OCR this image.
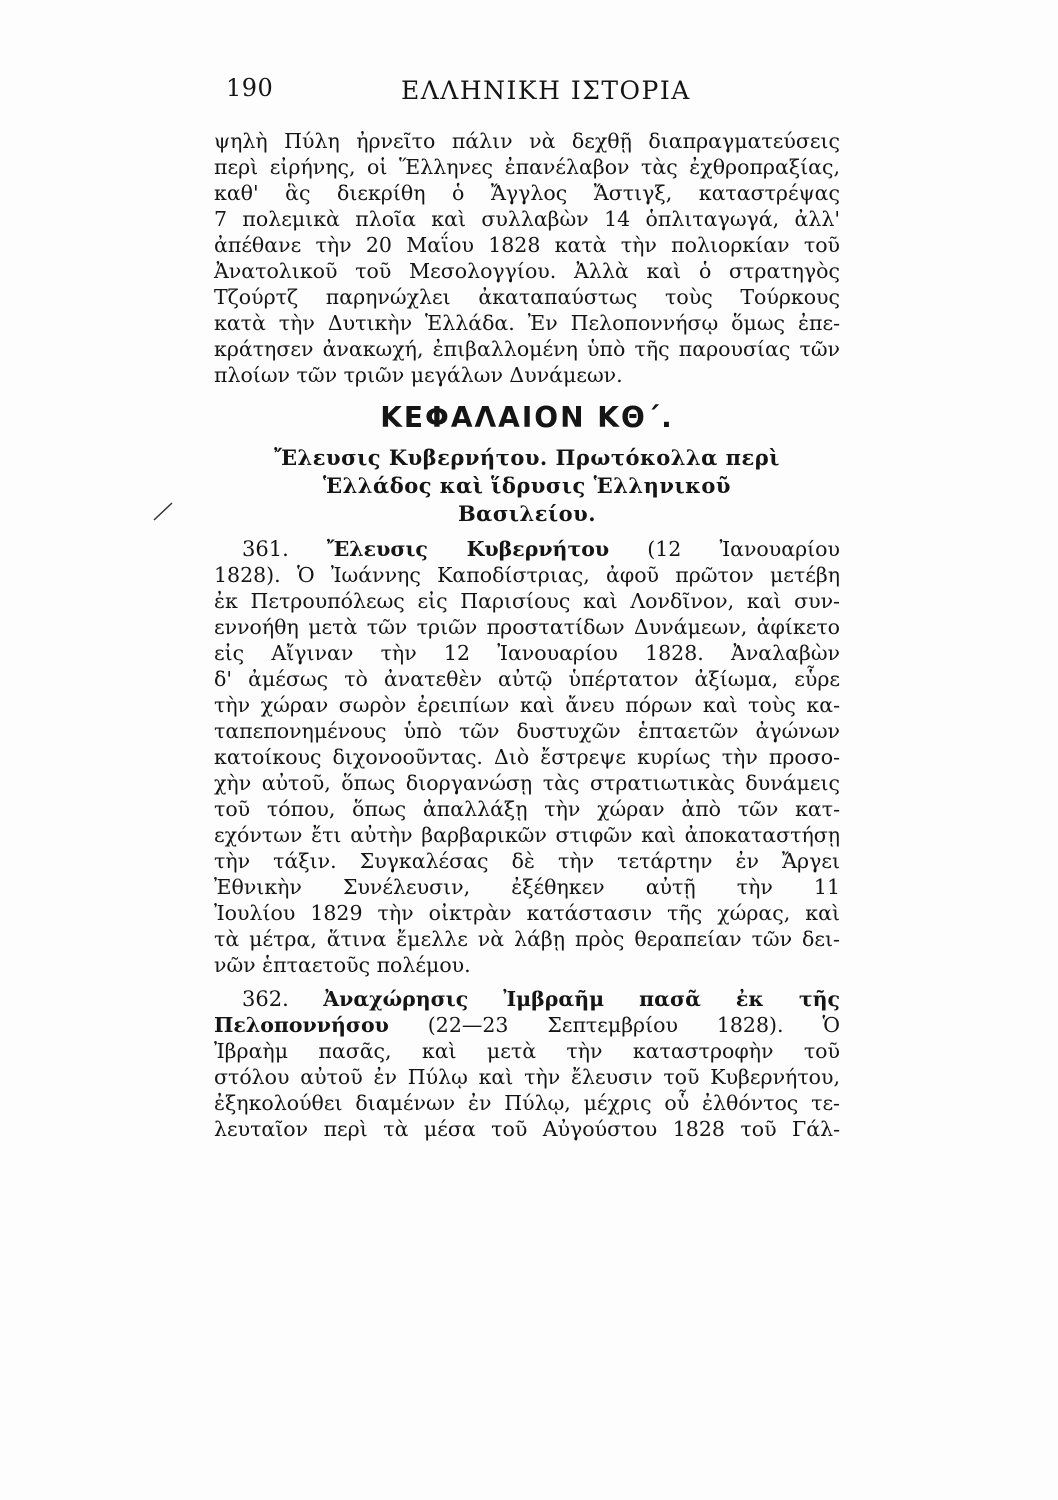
190	ΕΛΛΗΝΙΚΗ ΙΣΤΟΡΙΑ
ψηλὴ Πύλη ἠρνεῖτο πάλιν νὰ δεχθῇ διαπραγματεύσεις
περὶ εἰρήνης, οἱ Ἕλληνες ἐπανέλαβον τὰς ἐχθροπραξίας,
καθ' ἃς διεκρίθη ὁ Ἄγγλος Ἄστιγξ, καταστρέψας
7 πολεμικὰ πλοῖα καὶ συλλαβὼν 14 ὁπλιταγωγά, ἀλλ'
ἀπέθανε τὴν 20 Μαΐου 1828 κατὰ τὴν πολιορκίαν τοῦ
Ἀνατολικοῦ τοῦ Μεσολογγίου. Ἀλλὰ καὶ ὁ στρατηγὸς
Τζούρτζ παρηνώχλει ἀκαταπαύστως τοὺς Τούρκους
κατὰ τὴν Δυτικὴν Ἑλλάδα. Ἐν Πελοποννήσῳ ὅμως ἐπε-
κράτησεν ἀνακωχή, ἐπιβαλλομένη ὑπὸ τῆς παρουσίας τῶν
πλοίων τῶν τριῶν μεγάλων Δυνάμεων.
ΚΕΦΑΛΑΙΟΝ ΚΘ΄.
Ἔλευσις Κυβερνήτου. Πρωτόκολλα περὶ
Ἑλλάδος καὶ ἵδρυσις Ἑλληνικοῦ
Βασιλείου.
361. Ἔλευσις Κυβερνήτου (12 Ἰανουαρίου
1828). Ὁ Ἰωάννης Καποδίστριας, ἀφοῦ πρῶτον μετέβη
ἐκ Πετρουπόλεως εἰς Παρισίους καὶ Λονδῖνον, καὶ συν-
εννοήθη μετὰ τῶν τριῶν προστατίδων Δυνάμεων, ἀφίκετο
εἰς Αἴγιναν τὴν 12 Ἰανουαρίου 1828. Ἀναλαβὼν
δ' ἀμέσως τὸ ἀνατεθὲν αὐτῷ ὑπέρτατον ἀξίωμα, εὗρε
τὴν χώραν σωρὸν ἐρειπίων καὶ ἄνευ πόρων καὶ τοὺς κα-
ταπεπονημένους ὑπὸ τῶν δυστυχῶν ἑπταετῶν ἀγώνων
κατοίκους διχονοοῦντας. Διὸ ἔστρεψε κυρίως τὴν προσο-
χὴν αὐτοῦ, ὅπως διοργανώσῃ τὰς στρατιωτικὰς δυνάμεις
τοῦ τόπου, ὅπως ἀπαλλάξῃ τὴν χώραν ἀπὸ τῶν κατ-
εχόντων ἔτι αὐτὴν βαρβαρικῶν στιφῶν καὶ ἀποκαταστήσῃ
τὴν τάξιν. Συγκαλέσας δὲ τὴν τετάρτην ἐν Ἄργει
Ἐθνικὴν Συνέλευσιν, ἐξέθηκεν αὐτῇ τὴν 11
Ἰουλίου 1829 τὴν οἰκτρὰν κατάστασιν τῆς χώρας, καὶ
τὰ μέτρα, ἅτινα ἔμελλε νὰ λάβῃ πρὸς θεραπείαν τῶν δει-
νῶν ἑπταετοῦς πολέμου.
362. Ἀναχώρησις Ἰμβραῆμ πασᾶ ἐκ τῆς
Πελοποννήσου (22—23 Σεπτεμβρίου 1828). Ὁ
Ἰβραὴμ πασᾶς, καὶ μετὰ τὴν καταστροφὴν τοῦ
στόλου αὐτοῦ ἐν Πύλῳ καὶ τὴν ἔλευσιν τοῦ Κυβερνήτου,
ἐξηκολούθει διαμένων ἐν Πύλῳ, μέχρις οὗ ἐλθόντος τε-
λευταῖον περὶ τὰ μέσα τοῦ Αὐγούστου 1828 τοῦ Γάλ-
